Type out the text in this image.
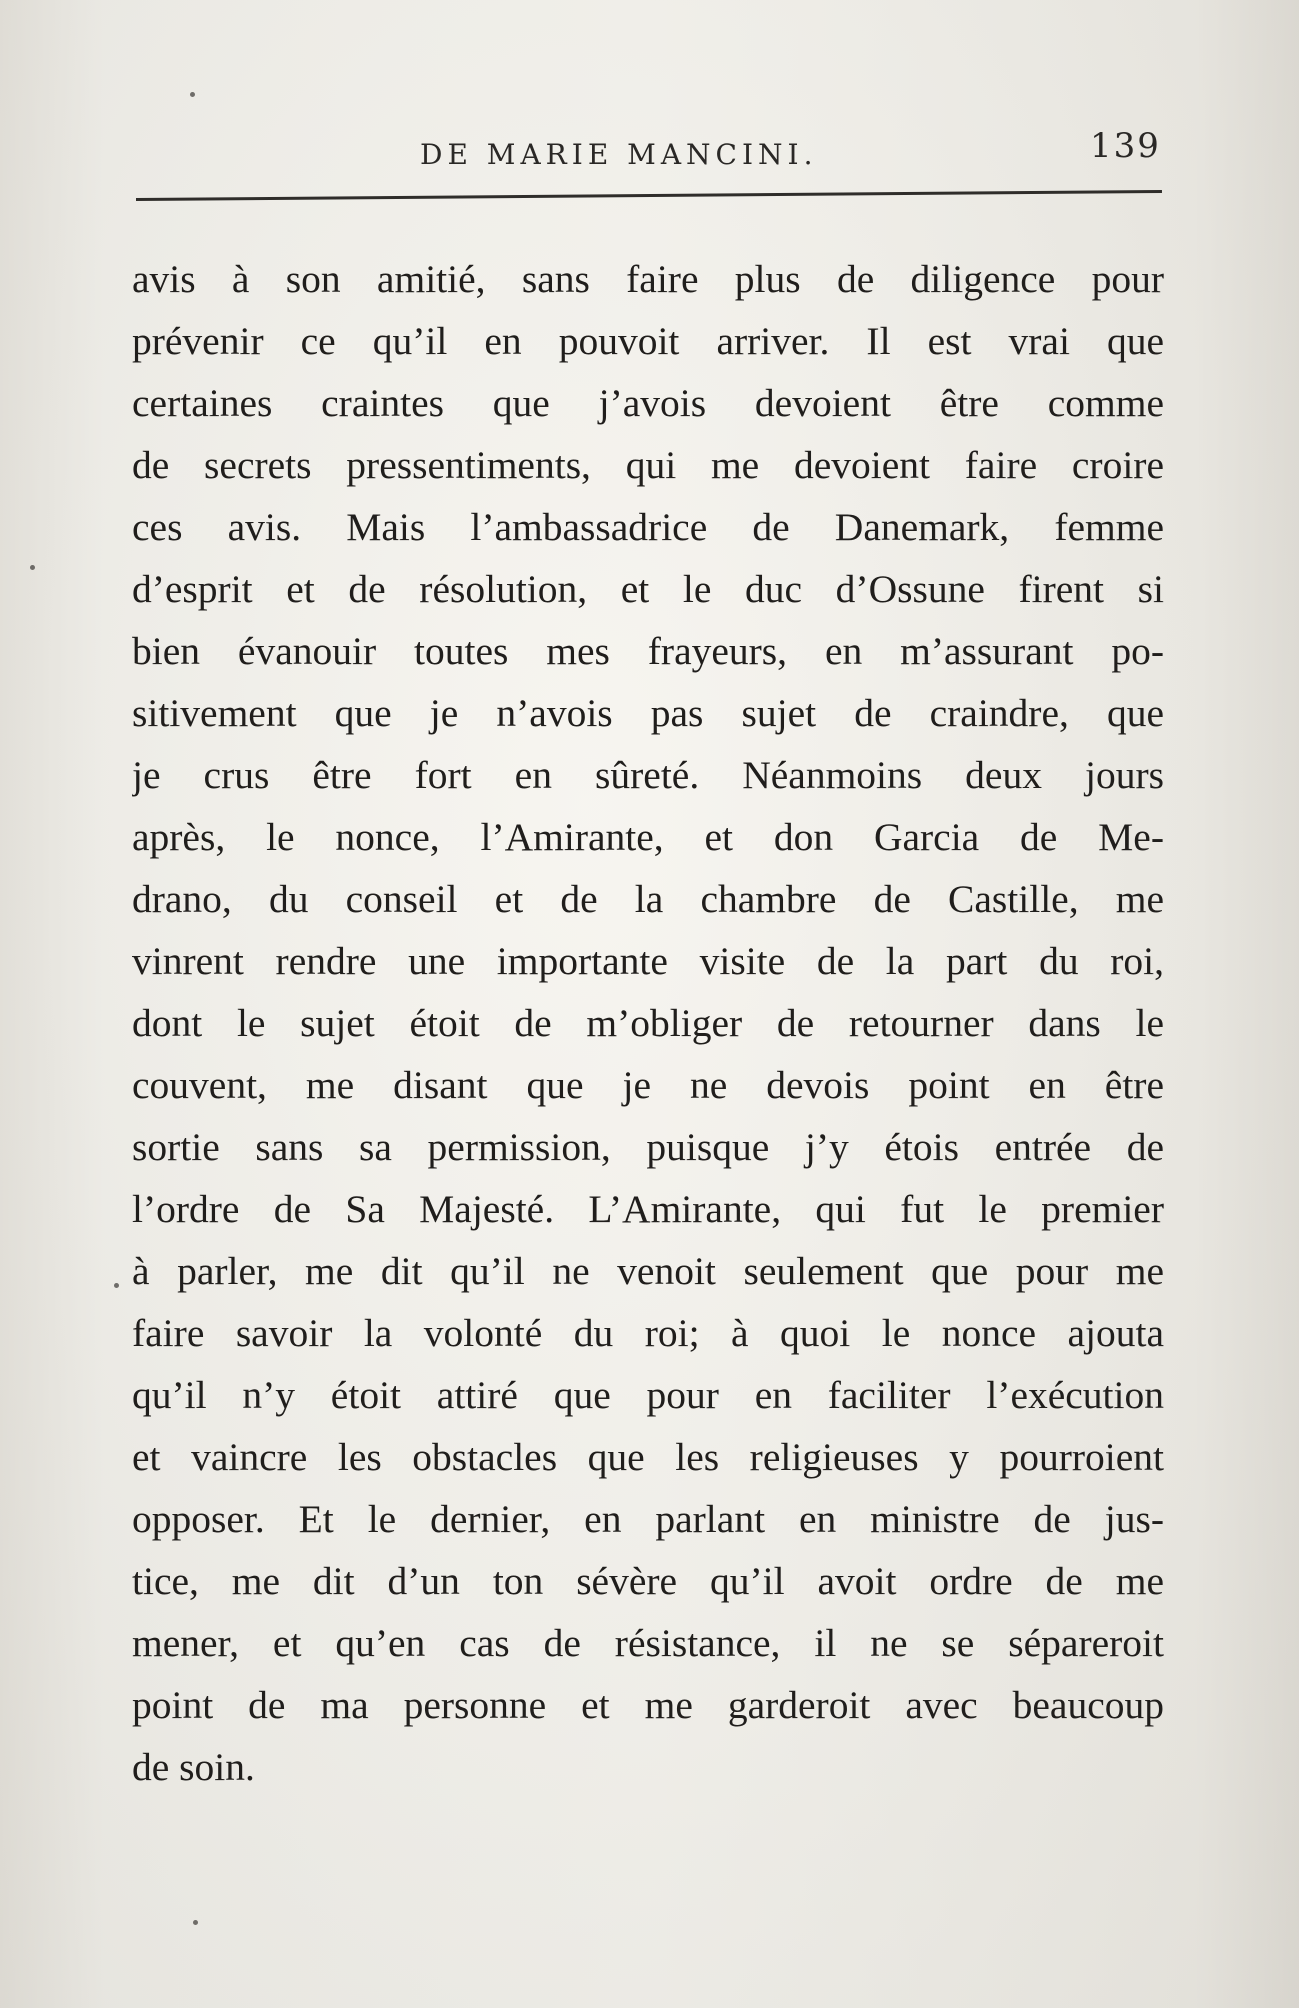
DE MARIE MANCINI.	139
avis à son amitié, sans faire plus de diligence pour
prévenir ce qu’il en pouvoit arriver. Il est vrai que
certaines craintes que j’avois devoient être comme
de secrets pressentiments, qui me devoient faire croire
ces avis. Mais l’ambassadrice de Danemark, femme
d’esprit et de résolution, et le duc d’Ossune firent si
bien évanouir toutes mes frayeurs, en m’assurant po-
sitivement que je n’avois pas sujet de craindre, que
je crus être fort en sûreté. Néanmoins deux jours
après, le nonce, l’Amirante, et don Garcia de Me-
drano, du conseil et de la chambre de Castille, me
vinrent rendre une importante visite de la part du roi,
dont le sujet étoit de m’obliger de retourner dans le
couvent, me disant que je ne devois point en être
sortie sans sa permission, puisque j’y étois entrée de
l’ordre de Sa Majesté. L’Amirante, qui fut le premier
à parler, me dit qu’il ne venoit seulement que pour me
faire savoir la volonté du roi; à quoi le nonce ajouta
qu’il n’y étoit attiré que pour en faciliter l’exécution
et vaincre les obstacles que les religieuses y pourroient
opposer. Et le dernier, en parlant en ministre de jus-
tice, me dit d’un ton sévère qu’il avoit ordre de me
mener, et qu’en cas de résistance, il ne se sépareroit
point de ma personne et me garderoit avec beaucoup
de soin.
